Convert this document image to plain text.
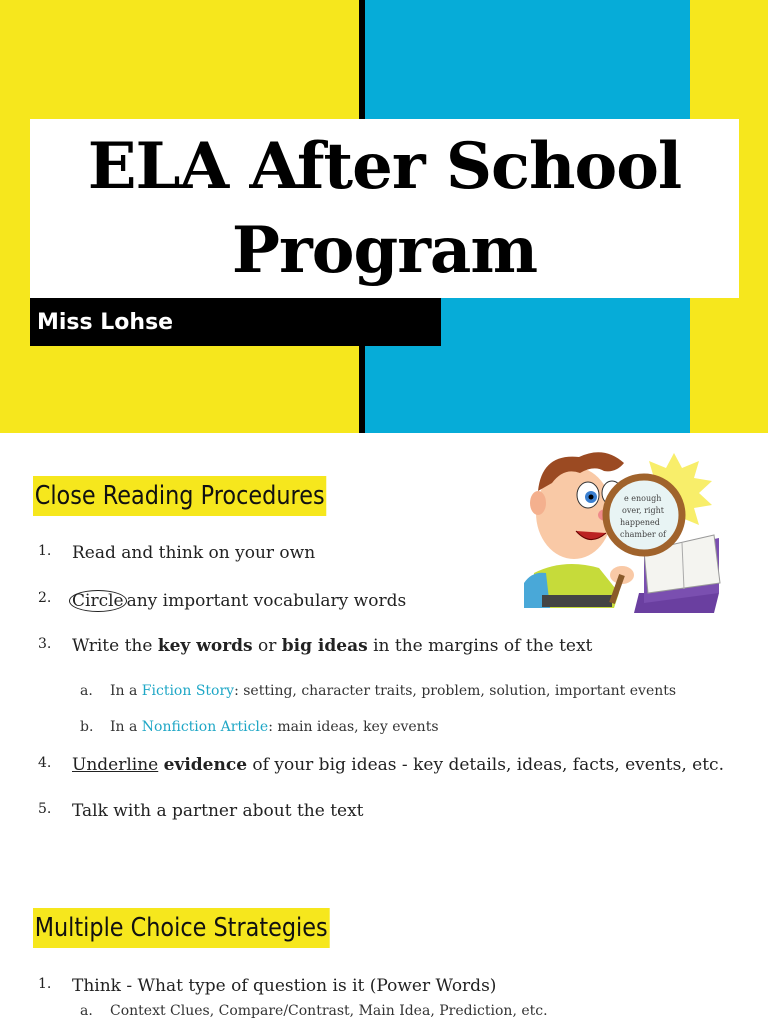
ELA After School
Program
Miss Lohse
Close Reading Procedures	e enough
over, right
happened
chamber of
1. Read and think on your own
2. Circle any important vocabulary words
3. Write the key words or big ideas in the margins of the text
a. In a Fiction Story: setting, character traits, problem, solution, important events
b. In a Nonfiction Article: main ideas, key events
4. Underline evidence of your big ideas - key details, ideas, facts, events, etc.
5. Talk with a partner about the text
Multiple Choice Strategies
1. Think - What type of question is it (Power Words)
a. Context Clues, Compare/Contrast, Main Idea, Prediction, etc.
